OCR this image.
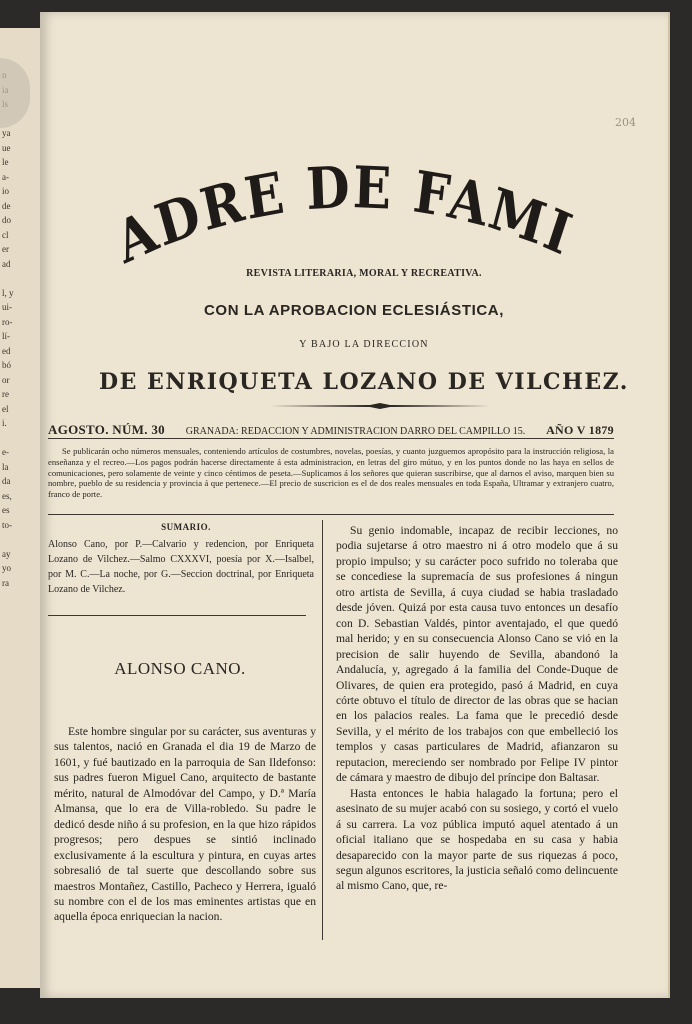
ya
ue
le
a-
io
de
do
cl
er
ad

l, y
ui-
ro-
lí-
ed
bó
or
re
el
i.

e-
la
da
es,
es
to-

ay
yo
ra
204
ADRE DE FAMI
REVISTA LITERARIA, MORAL Y RECREATIVA.
CON LA APROBACION ECLESIÁSTICA,
Y BAJO LA DIRECCION
DE ENRIQUETA LOZANO DE VILCHEZ.
AGOSTO. NÚM. 30 GRANADA: REDACCION Y ADMINISTRACION DARRO DEL CAMPILLO 15. AÑO V 1879
Se publicarán ocho números mensuales, conteniendo artículos de costumbres, novelas, poesías, y cuanto juzguemos apropósito para la instrucción religiosa, la enseñanza y el recreo.—Los pagos podrán hacerse directamente á esta administracion, en letras del giro mútuo, y en los puntos donde no las haya en sellos de comunicaciones, pero solamente de veinte y cinco céntimos de peseta.—Suplicamos á los señores que quieran suscribirse, que al darnos el aviso, marquen bien su nombre, pueblo de su residencia y provincia á que pertenece.—El precio de suscricion es el de dos reales mensuales en toda España, Ultramar y extranjero cuatro, franco de porte.
SUMARIO.
Alonso Cano, por P.—Calvario y redencion, por Enriqueta Lozano de Vilchez.—Salmo CXXXVI, poesía por X.—Isalbel, por M. C.—La noche, por G.—Seccion doctrinal, por Enriqueta Lozano de Vilchez.
ALONSO CANO.

Este hombre singular por su carácter, sus aventuras y sus talentos, nació en Granada el dia 19 de Marzo de 1601, y fué bautizado en la parroquia de San Ildefonso: sus padres fueron Miguel Cano, arquitecto de bastante mérito, natural de Almodóvar del Campo, y D.ª María Almansa, que lo era de Villa-robledo. Su padre le dedicó desde niño á su profesion, en la que hizo rápidos progresos; pero despues se sintió inclinado exclusivamente á la escultura y pintura, en cuyas artes sobresalió de tal suerte que descollando sobre sus maestros Montañez, Castillo, Pacheco y Herrera, igualó su nombre con el de los mas eminentes artistas que en aquella época enriquecian la nacion.

Su genio indomable, incapaz de recibir lecciones, no podia sujetarse á otro maestro ni á otro modelo que á su propio impulso; y su carácter poco sufrido no toleraba que se concediese la supremacía de sus profesiones á ningun otro artista de Sevilla, á cuya ciudad se habia trasladado desde jóven. Quizá por esta causa tuvo entonces un desafío con D. Sebastian Valdés, pintor aventajado, el que quedó mal herido; y en su consecuencia Alonso Cano se vió en la precision de salir huyendo de Sevilla, abandonó la Andalucía, y, agregado á la familia del Conde-Duque de Olivares, de quien era protegido, pasó á Madrid, en cuya córte obtuvo el título de director de las obras que se hacian en los palacios reales. La fama que le precedió desde Sevilla, y el mérito de los trabajos con que embelleció los templos y casas particulares de Madrid, afianzaron su reputacion, mereciendo ser nombrado por Felipe IV pintor de cámara y maestro de dibujo del príncipe don Baltasar.

Hasta entonces le habia halagado la fortuna; pero el asesinato de su mujer acabó con su sosiego, y cortó el vuelo á su carrera. La voz pública imputó aquel atentado á un oficial italiano que se hospedaba en su casa y habia desaparecido con la mayor parte de sus riquezas á poco, segun algunos escritores, la justicia señaló como delincuente al mismo Cano, que, re-
